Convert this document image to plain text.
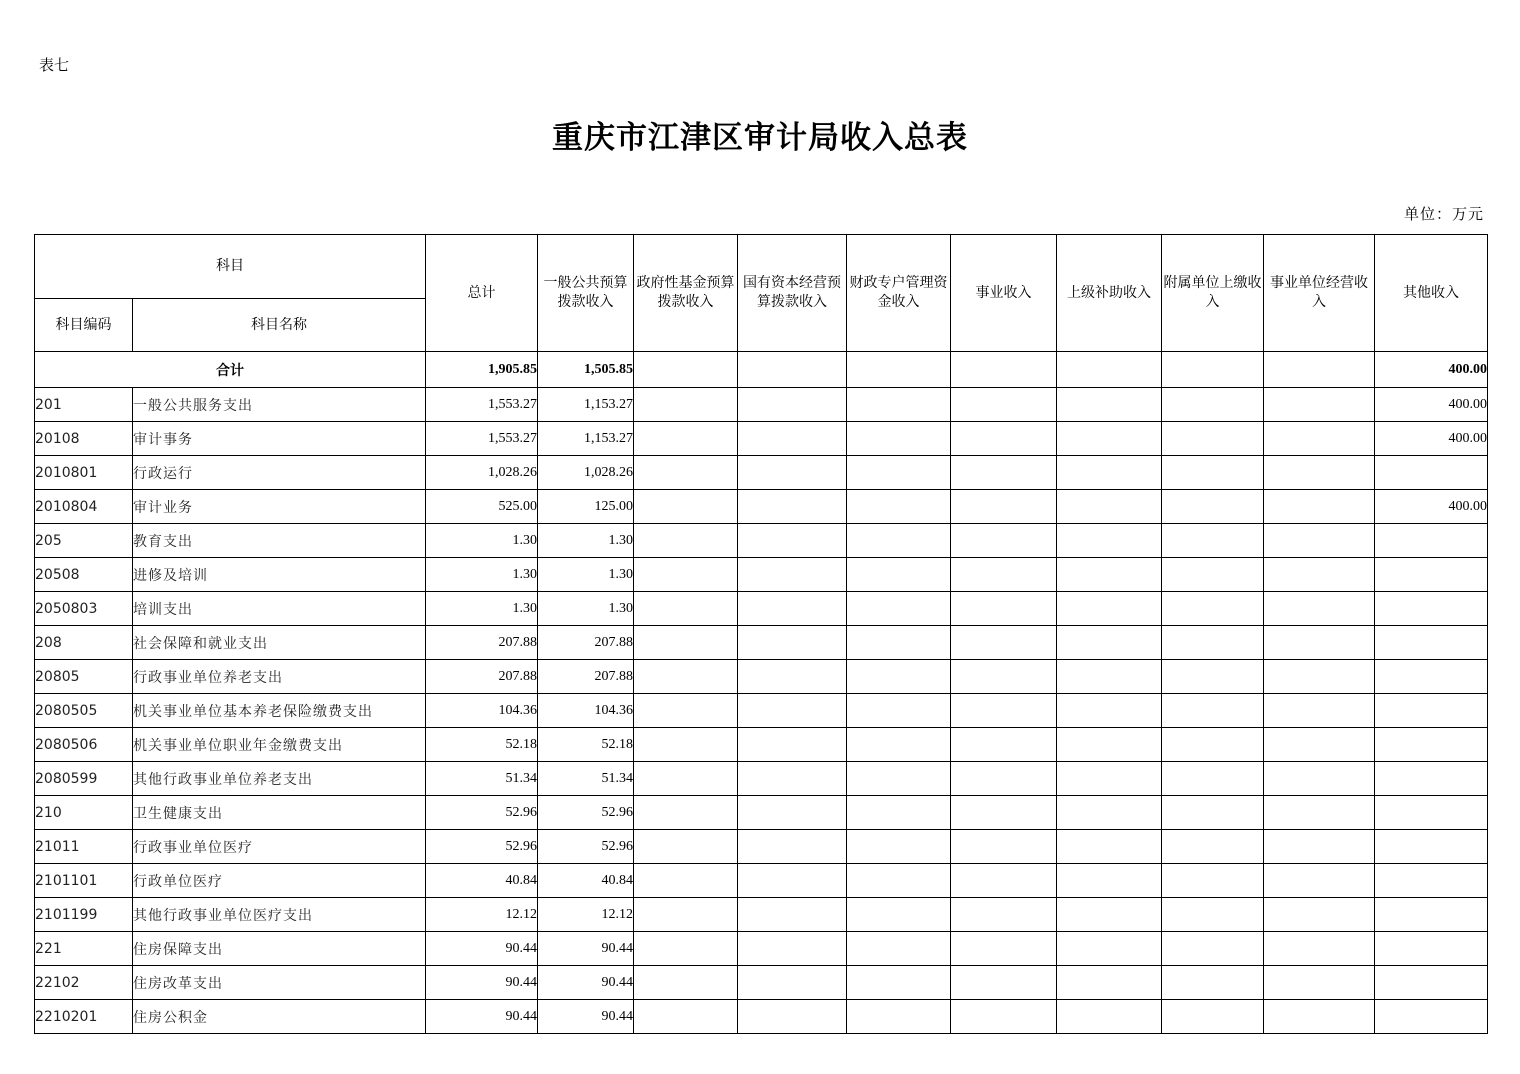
表七
重庆市江津区审计局收入总表
单位：万元
科目		总计	一般公共预算拨款收入	政府性基金预算拨款收入	国有资本经营预算拨款收入	财政专户管理资金收入	事业收入	上级补助收入	附属单位上缴收入	事业单位经营收入	其他收入
科目编码	科目名称										
合计		1,905.85	1,505.85								400.00
201	一般公共服务支出	1,553.27	1,153.27								400.00
20108	审计事务	1,553.27	1,153.27								400.00
2010801	行政运行	1,028.26	1,028.26								
2010804	审计业务	525.00	125.00								400.00
205	教育支出	1.30	1.30								
20508	进修及培训	1.30	1.30								
2050803	培训支出	1.30	1.30								
208	社会保障和就业支出	207.88	207.88								
20805	行政事业单位养老支出	207.88	207.88								
2080505	机关事业单位基本养老保险缴费支出	104.36	104.36								
2080506	机关事业单位职业年金缴费支出	52.18	52.18								
2080599	其他行政事业单位养老支出	51.34	51.34								
210	卫生健康支出	52.96	52.96								
21011	行政事业单位医疗	52.96	52.96								
2101101	行政单位医疗	40.84	40.84								
2101199	其他行政事业单位医疗支出	12.12	12.12								
221	住房保障支出	90.44	90.44								
22102	住房改革支出	90.44	90.44								
2210201	住房公积金	90.44	90.44								
